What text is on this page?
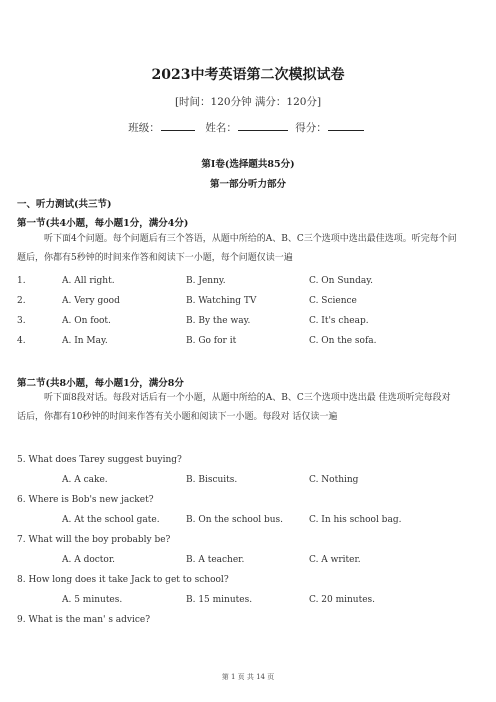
2023中考英语第二次模拟试卷
[时间：120分钟 满分：120分]
班级：	姓名：	得分：
第Ⅰ卷(选择题共85分)
第一部分听力部分
一、听力测试(共三节)
第一节(共4小题，每小题1分，满分4分)
听下面4个问题。每个问题后有三个答语，从题中所给的A、B、C三个选项中选出最佳选项。听完每个问题后，你都有5秒钟的时间来作答和阅读下一小题，每个问题仅读一遍
1.	A. All right.	B. Jenny.	C. On Sunday.
2.	A. Very good	B. Watching TV	C. Science
3.	A. On foot.	B. By the way.	C. It's cheap.
4.	A. In May.	B. Go for it	C. On the sofa.
第二节(共8小题，每小题1分，满分8分
听下面8段对话。每段对话后有一个小题，从题中所给的A、B、C三个选项中选出最 佳选项听完每段对话后，你都有10秒钟的时间来作答有关小题和阅读下一小题。每段对 话仅读一遍
5. What does Tarey suggest buying?
A. A cake.	B. Biscuits.	C. Nothing
6. Where is Bob's new jacket?
A. At the school gate.	B. On the school bus.	C. In his school bag.
7. What will the boy probably be?
A. A doctor.	B. A teacher.	C. A writer.
8. How long does it take Jack to get to school?
A. 5 minutes.	B. 15 minutes.	C. 20 minutes.
9. What is the man' s advice?
第 1 页 共 14 页
